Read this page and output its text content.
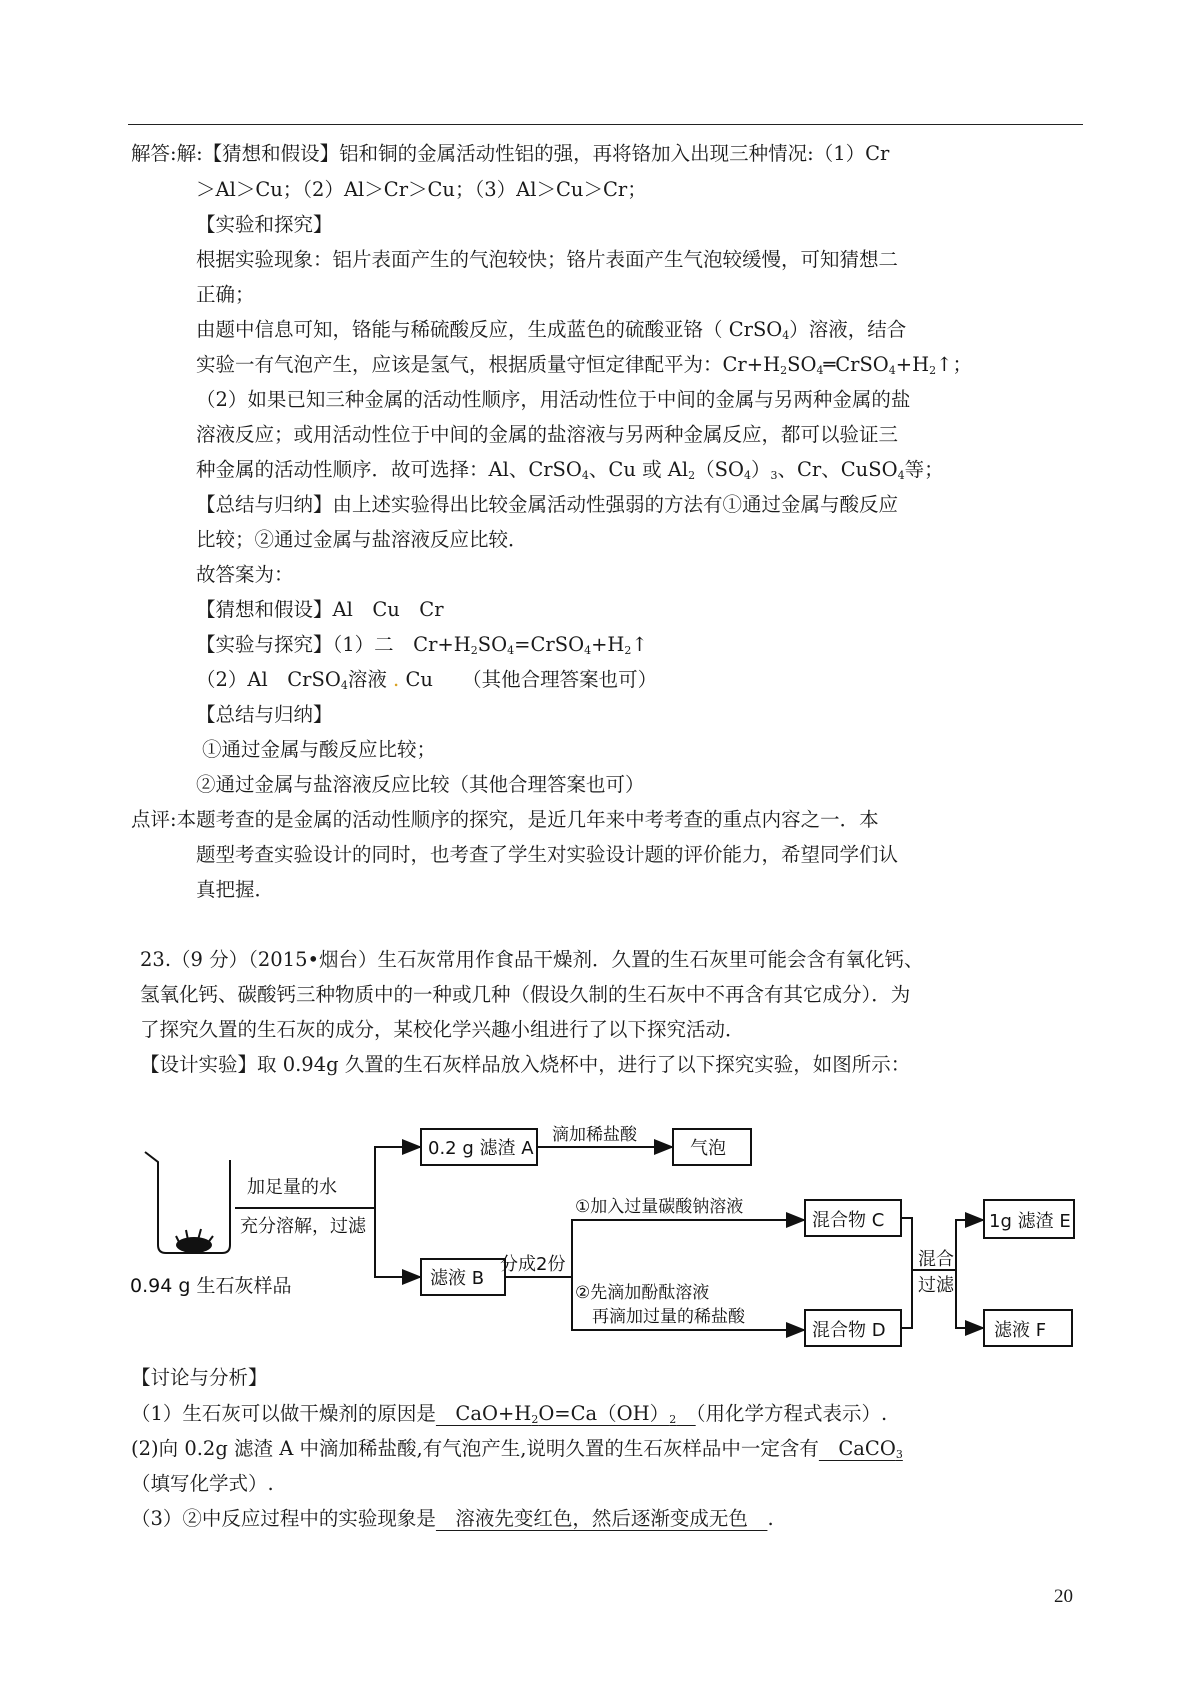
解答:解:【猜想和假设】铝和铜的金属活动性铝的强，再将铬加入出现三种情况:（1）Cr
＞Al＞Cu；（2）Al＞Cr＞Cu；（3）Al＞Cu＞Cr；
【实验和探究】
根据实验现象：铝片表面产生的气泡较快；铬片表面产生气泡较缓慢，可知猜想二
正确；
由题中信息可知，铬能与稀硫酸反应，生成蓝色的硫酸亚铬（ CrSO$_4$）溶液，结合
实验一有气泡产生，应该是氢气，根据质量守恒定律配平为：$Cr+H_2SO_4═CrSO_4+H_2↑$；
（2）如果已知三种金属的活动性顺序，用活动性位于中间的金属与另两种金属的盐
溶液反应；或用活动性位于中间的金属的盐溶液与另两种金属反应，都可以验证三
种金属的活动性顺序．故可选择：Al、CrSO$_4$、Cu 或 $Al_2(SO_4)_3$、Cr、CuSO$_4$等；
【总结与归纳】由上述实验得出比较金属活动性强弱的方法有①通过金属与酸反应
比较；②通过金属与盐溶液反应比较．
故答案为：
【猜想和假设】Al　Cu　Cr
【实验与探究】（1）二　$Cr+H_2SO_4=CrSO_4+H_2↑$
（2）Al　CrSO$_4$溶液 . Cu　　（其他合理答案也可）
【总结与归纳】
①通过金属与酸反应比较；
②通过金属与盐溶液反应比较（其他合理答案也可）
点评:本题考查的是金属的活动性顺序的探究，是近几年来中考考查的重点内容之一．本
题型考查实验设计的同时，也考查了学生对实验设计题的评价能力，希望同学们认
真把握．
23.（9 分）（2015•烟台）生石灰常用作食品干燥剂．久置的生石灰里可能会含有氧化钙、
氢氧化钙、碳酸钙三种物质中的一种或几种（假设久制的生石灰中不再含有其它成分）．为
了探究久置的生石灰的成分，某校化学兴趣小组进行了以下探究活动．
【设计实验】取 0.94g 久置的生石灰样品放入烧杯中，进行了以下探究实验，如图所示：
0.94 g 生石灰样品
加足量的水
充分溶解，过滤
0.2 g 滤渣 A
滴加稀盐酸
气泡
滤液 B
分成2份
①加入过量碳酸钠溶液
②先滴加酚酞溶液
再滴加过量的稀盐酸
混合物 C
混合物 D
混合
过滤
1g 滤渣 E
滤液 F
【讨论与分析】
（1）生石灰可以做干燥剂的原因是　$CaO+H_2O=Ca(OH)_2$　 （用化学方程式表示）.
(2)向 0.2g 滤渣 A 中滴加稀盐酸,有气泡产生,说明久置的生石灰样品中一定含有　CaCO$_3$
（填写化学式）.
（3）②中反应过程中的实验现象是　溶液先变红色，然后逐渐变成无色　.
20
